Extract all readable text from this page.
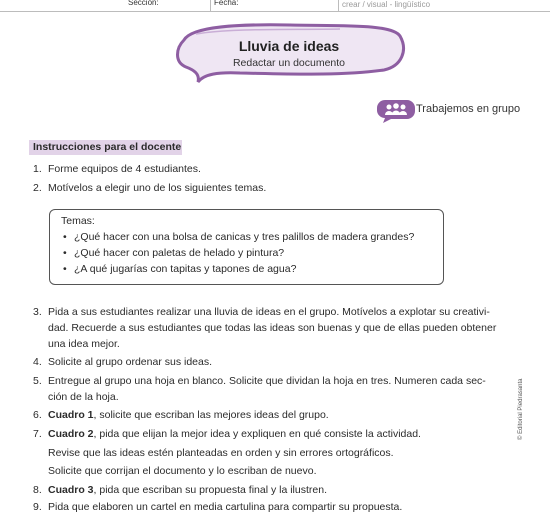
Sección:	Fecha:	crear / visual - lingüístico
Lluvia de ideas
Redactar un documento
Trabajemos en grupo
Instrucciones para el docente
1. Forme equipos de 4 estudiantes.
2. Motívelos a elegir uno de los siguientes temas.
Temas:
• ¿Qué hacer con una bolsa de canicas y tres palillos de madera grandes?
• ¿Qué hacer con paletas de helado y pintura?
• ¿A qué jugarías con tapitas y tapones de agua?
3. Pida a sus estudiantes realizar una lluvia de ideas en el grupo. Motívelos a explotar su creativi-
dad. Recuerde a sus estudiantes que todas las ideas son buenas y que de ellas pueden obtener
una idea mejor.
4. Solicite al grupo ordenar sus ideas.
5. Entregue al grupo una hoja en blanco. Solicite que dividan la hoja en tres. Numeren cada sec-
ción de la hoja.
6. Cuadro 1, solicite que escriban las mejores ideas del grupo.
7. Cuadro 2, pida que elijan la mejor idea y expliquen en qué consiste la actividad.
Revise que las ideas estén planteadas en orden y sin errores ortográficos.
Solicite que corrijan el documento y lo escriban de nuevo.
8. Cuadro 3, pida que escriban su propuesta final y la ilustren.
9. Pida que elaboren un cartel en media cartulina para compartir su propuesta.
© Editorial Piedrasanta
